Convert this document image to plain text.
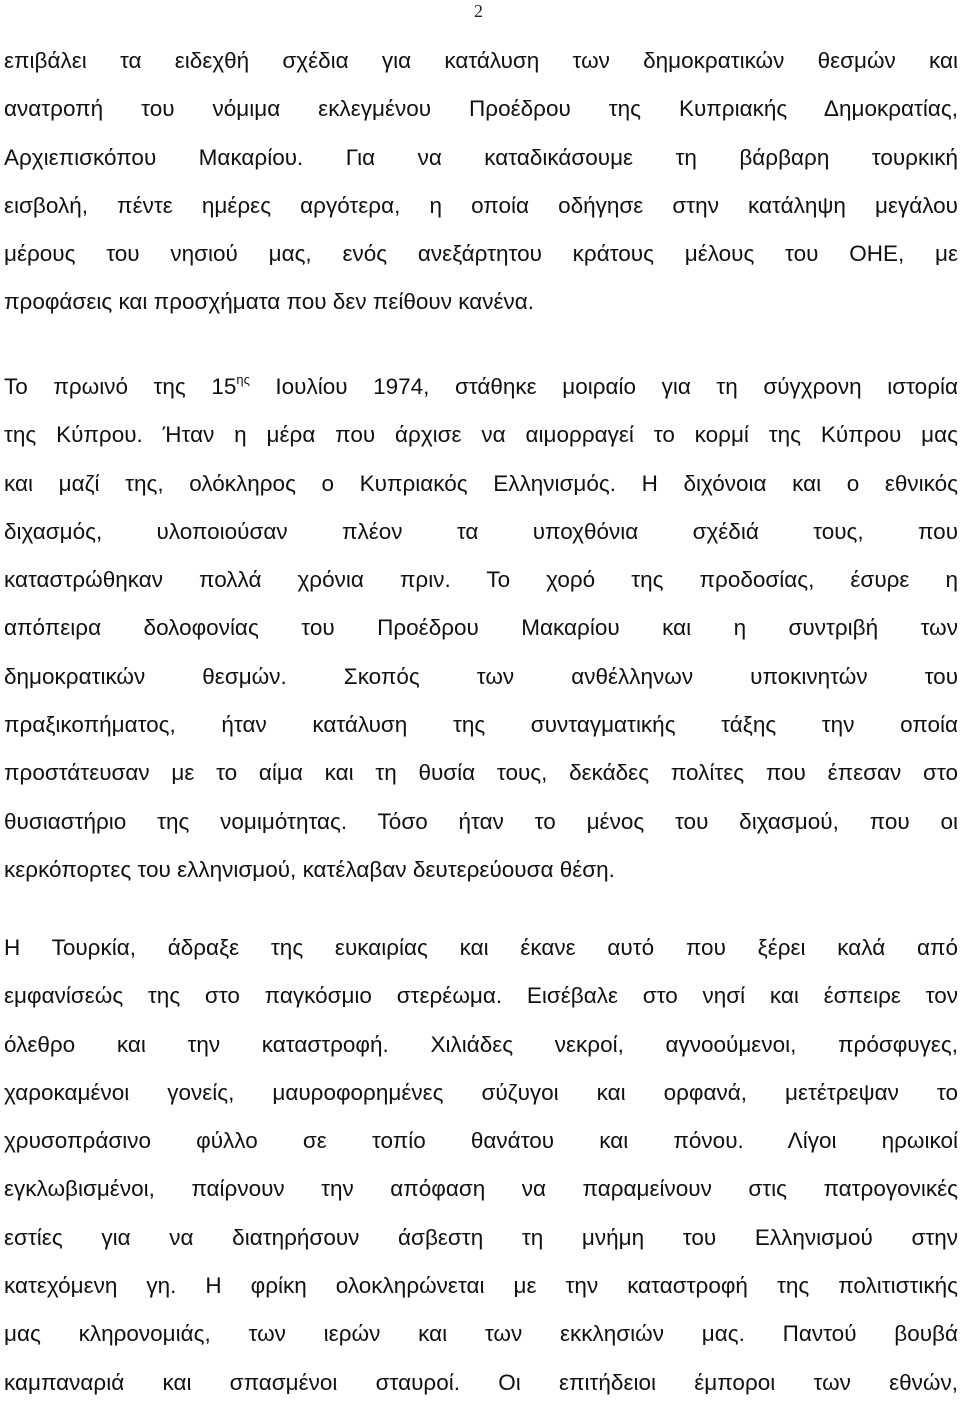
2
επιβάλει τα ειδεχθή σχέδια για κατάλυση των δημοκρατικών θεσμών και
ανατροπή του νόμιμα εκλεγμένου Προέδρου της Κυπριακής Δημοκρατίας,
Αρχιεπισκόπου Μακαρίου. Για να καταδικάσουμε τη βάρβαρη τουρκική
εισβολή, πέντε ημέρες αργότερα, η οποία οδήγησε στην κατάληψη μεγάλου
μέρους του νησιού μας, ενός ανεξάρτητου κράτους μέλους του ΟΗΕ, με
προφάσεις και προσχήματα που δεν πείθουν κανένα.
Το πρωινό της $15^{\eta\varsigma}$ Ιουλίου 1974, στάθηκε μοιραίο για τη σύγχρονη ιστορία
της Κύπρου. Ήταν η μέρα που άρχισε να αιμορραγεί το κορμί της Κύπρου μας
και μαζί της, ολόκληρος ο Κυπριακός Ελληνισμός. Η διχόνοια και ο εθνικός
διχασμός, υλοποιούσαν πλέον τα υποχθόνια σχέδιά τους, που
καταστρώθηκαν πολλά χρόνια πριν. Το χορό της προδοσίας, έσυρε η
απόπειρα δολοφονίας του Προέδρου Μακαρίου και η συντριβή των
δημοκρατικών θεσμών. Σκοπός των ανθέλληνων υποκινητών του
πραξικοπήματος, ήταν κατάλυση της συνταγματικής τάξης την οποία
προστάτευσαν με το αίμα και τη θυσία τους, δεκάδες πολίτες που έπεσαν στο
θυσιαστήριο της νομιμότητας. Τόσο ήταν το μένος του διχασμού, που οι
κερκόπορτες του ελληνισμού, κατέλαβαν δευτερεύουσα θέση.
Η Τουρκία, άδραξε της ευκαιρίας και έκανε αυτό που ξέρει καλά από
εμφανίσεώς της στο παγκόσμιο στερέωμα. Εισέβαλε στο νησί και έσπειρε τον
όλεθρο και την καταστροφή. Χιλιάδες νεκροί, αγνοούμενοι, πρόσφυγες,
χαροκαμένοι γονείς, μαυροφορημένες σύζυγοι και ορφανά, μετέτρεψαν το
χρυσοπράσινο φύλλο σε τοπίο θανάτου και πόνου. Λίγοι ηρωικοί
εγκλωβισμένοι, παίρνουν την απόφαση να παραμείνουν στις πατρογονικές
εστίες για να διατηρήσουν άσβεστη τη μνήμη του Ελληνισμού στην
κατεχόμενη γη. Η φρίκη ολοκληρώνεται με την καταστροφή της πολιτιστικής
μας κληρονομιάς, των ιερών και των εκκλησιών μας. Παντού βουβά
καμπαναριά και σπασμένοι σταυροί. Οι επιτήδειοι έμποροι των εθνών,
